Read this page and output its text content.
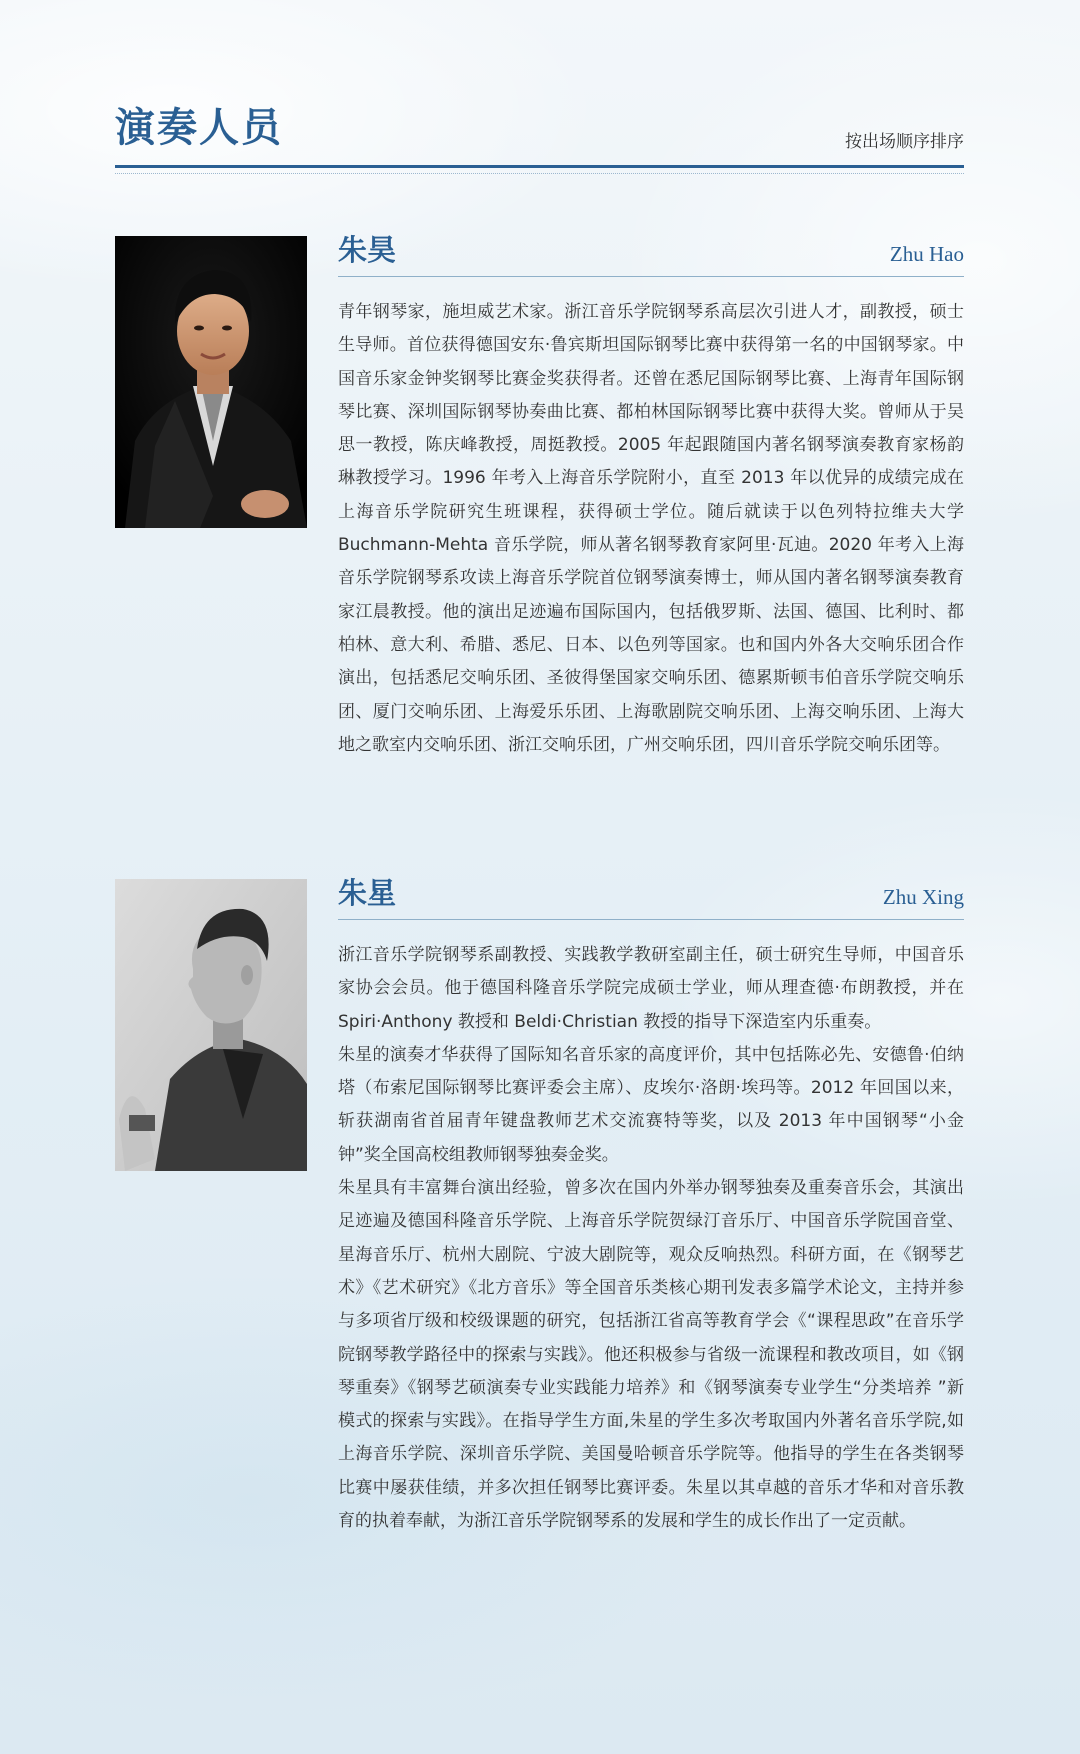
演奏人员	按出场顺序排序
朱昊	Zhu Hao

青年钢琴家，施坦威艺术家。浙江音乐学院钢琴系高层次引进人才，副教授，硕士生导师。首位获得德国安东·鲁宾斯坦国际钢琴比赛中获得第一名的中国钢琴家。中国音乐家金钟奖钢琴比赛金奖获得者。还曾在悉尼国际钢琴比赛、上海青年国际钢琴比赛、深圳国际钢琴协奏曲比赛、都柏林国际钢琴比赛中获得大奖。曾师从于吴思一教授，陈庆峰教授，周挺教授。2005 年起跟随国内著名钢琴演奏教育家杨韵琳教授学习。1996 年考入上海音乐学院附小，直至 2013 年以优异的成绩完成在上海音乐学院研究生班课程，获得硕士学位。随后就读于以色列特拉维夫大学 Buchmann-Mehta 音乐学院，师从著名钢琴教育家阿里·瓦迪。2020 年考入上海音乐学院钢琴系攻读上海音乐学院首位钢琴演奏博士，师从国内著名钢琴演奏教育家江晨教授。他的演出足迹遍布国际国内，包括俄罗斯、法国、德国、比利时、都柏林、意大利、希腊、悉尼、日本、以色列等国家。也和国内外各大交响乐团合作演出，包括悉尼交响乐团、圣彼得堡国家交响乐团、德累斯顿韦伯音乐学院交响乐团、厦门交响乐团、上海爱乐乐团、上海歌剧院交响乐团、上海交响乐团、上海大地之歌室内交响乐团、浙江交响乐团，广州交响乐团，四川音乐学院交响乐团等。

朱星	Zhu Xing

浙江音乐学院钢琴系副教授、实践教学教研室副主任，硕士研究生导师，中国音乐家协会会员。他于德国科隆音乐学院完成硕士学业，师从理查德·布朗教授，并在 Spiri·Anthony 教授和 Beldi·Christian 教授的指导下深造室内乐重奏。

朱星的演奏才华获得了国际知名音乐家的高度评价，其中包括陈必先、安德鲁·伯纳塔（布索尼国际钢琴比赛评委会主席）、皮埃尔·洛朗·埃玛等。2012 年回国以来，斩获湖南省首届青年键盘教师艺术交流赛特等奖，以及 2013 年中国钢琴“小金钟”奖全国高校组教师钢琴独奏金奖。

朱星具有丰富舞台演出经验，曾多次在国内外举办钢琴独奏及重奏音乐会，其演出足迹遍及德国科隆音乐学院、上海音乐学院贺绿汀音乐厅、中国音乐学院国音堂、星海音乐厅、杭州大剧院、宁波大剧院等，观众反响热烈。科研方面，在《钢琴艺术》《艺术研究》《北方音乐》等全国音乐类核心期刊发表多篇学术论文，主持并参与多项省厅级和校级课题的研究，包括浙江省高等教育学会《“课程思政”在音乐学院钢琴教学路径中的探索与实践》。他还积极参与省级一流课程和教改项目，如《钢琴重奏》《钢琴艺硕演奏专业实践能力培养》和《钢琴演奏专业学生“分类培养 ”新模式的探索与实践》。在指导学生方面,朱星的学生多次考取国内外著名音乐学院,如上海音乐学院、深圳音乐学院、美国曼哈顿音乐学院等。他指导的学生在各类钢琴比赛中屡获佳绩，并多次担任钢琴比赛评委。朱星以其卓越的音乐才华和对音乐教育的执着奉献，为浙江音乐学院钢琴系的发展和学生的成长作出了一定贡献。
